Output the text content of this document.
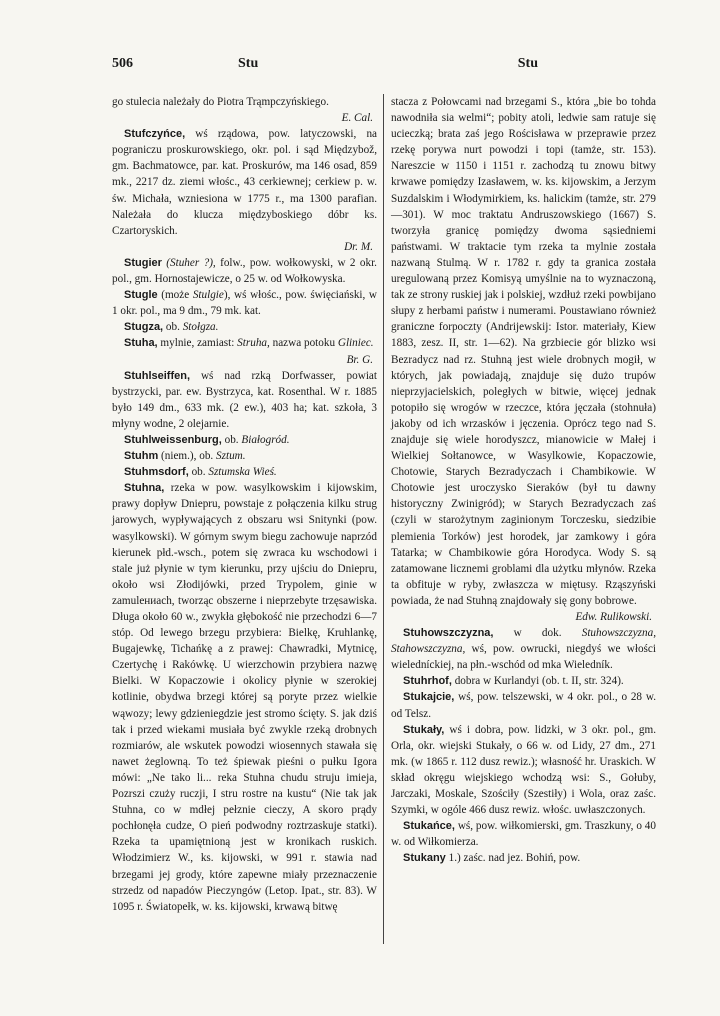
506	Stu	Stu

go stulecia należały do Piotra Trąmpczyńskiego.
E. Cal.

Stufczyńce, wś rządowa, pow. latyczowski, na pograniczu proskurowskiego, okr. pol. i sąd Międzybož, gm. Bachmatowce, par. kat. Proskurów, ma 146 osad, 859 mk., 2217 dz. ziemi włośc., 43 cerkiewnej; cerkiew p. w. św. Michała, wzniesiona w 1775 r., ma 1300 parafian. Należała do klucza międzyboskiego dóbr ks. Czartoryskich.
Dr. M.

Stugier (Stuher ?), folw., pow. wołkowyski, w 2 okr. pol., gm. Hornostajewicze, o 25 w. od Wołkowyska.

Stugle (może Stulgie), wś włośc., pow. święciański, w 1 okr. pol., ma 9 dm., 79 mk. kat.

Stugza, ob. Stołgza.

Stuha, mylnie, zamiast: Struha, nazwa potoku Gliniec.
Br. G.

Stuhlseiffen, wś nad rzką Dorfwasser, powiat bystrzycki, par. ew. Bystrzyca, kat. Rosenthal. W r. 1885 było 149 dm., 633 mk. (2 ew.), 403 ha; kat. szkoła, 3 młyny wodne, 2 olejarnie.

Stuhlweissenburg, ob. Białogród.

Stuhm (niem.), ob. Sztum.

Stuhmsdorf, ob. Sztumska Wieś.

Stuhna, rzeka w pow. wasylkowskim i kijowskim, prawy dopływ Dniepru, powstaje z połączenia kilku strug jarowych, wypływających z obszaru wsi Snitynki (pow. wasylkowski). W górnym swym biegu zachowuje naprzód kierunek płd.-wsch., potem się zwraca ku wschodowi i stale już płynie w tym kierunku, przy ujściu do Dniepru, około wsi Złodijówki, przed Trypolem, ginie w zamulениach, tworząc obszerne i nieprzebyte trzęsawiska. Długa około 60 w., zwykła głębokość nie przechodzi 6—7 stóp. Od lewego brzegu przybiera: Bielkę, Kruhlankę, Bugajewkę, Tichańkę a z prawej: Chawradki, Mytnicę, Czertychę i Rakówkę. U wierzchowin przybiera nazwę Bielki. W Kopaczowie i okolicy płynie w szerokiej kotlinie, obydwa brzegi której są poryte przez wielkie wąwozy; lewy gdzieniegdzie jest stromo ścięty. S. jak dziś tak i przed wiekami musiała być zwykle rzeką drobnych rozmiarów, ale wskutek powodzi wiosennych stawała się nawet żeglowną. To też śpiewak pieśni o pułku Igora mówi: „Ne tako li... reka Stuhna chudu struju imieja, Pozrszi czuży ruczji, I stru rostre na kustu“ (Nie tak jak Stuhna, co w mdłej pełznie cieczy, A skoro prądy pochłonęła cudze, O pień podwodny roztrzaskuje statki). Rzeka ta upamiętnioną jest w kronikach ruskich. Włodzimierz W., ks. kijowski, w 991 r. stawia nad brzegami jej grody, które zapewne miały przeznaczenie strzedz od napadów Pieczyngów (Letop. Ipat., str. 83). W 1095 r. Światopełk, w. ks. kijowski, krwawą bitwę

stacza z Połowcami nad brzegami S., która „bie bo tohda nawodniła sia welmi“; pobity atoli, ledwie sam ratuje się ucieczką; brata zaś jego Rościsława w przeprawie przez rzekę porywa nurt powodzi i topi (tamże, str. 153). Nareszcie w 1150 i 1151 r. zachodzą tu znowu bitwy krwawe pomiędzy Izasławem, w. ks. kijowskim, a Jerzym Suzdalskim i Włodymirkiem, ks. halickim (tamże, str. 279—301). W moc traktatu Andruszowskiego (1667) S. tworzyła granicę pomiędzy dwoma sąsiedniemi państwami. W traktacie tym rzeka ta mylnie została nazwaną Stulmą. W r. 1782 r. gdy ta granica została uregulowaną przez Komisyą umyślnie na to wyznaczoną, tak ze strony ruskiej jak i polskiej, wzdłuż rzeki powbijano słupy z herbami państw i numerami. Poustawiano również graniczne forpoczty (Andrijewskij: Istor. materiały, Kiew 1883, zesz. II, str. 1—62). Na grzbiecie gór blizko wsi Bezradycz nad rz. Stuhną jest wiele drobnych mogił, w których, jak powiadają, znajduje się dużo trupów nieprzyjacielskich, poległych w bitwie, więcej jednak potopiło się wrogów w rzeczce, która jęczała (stohnuła) jakoby od ich wrzasków i jęczenia. Oprócz tego nad S. znajduje się wiele horodyszcz, mianowicie w Małej i Wielkiej Sołtanowce, w Wasylkowie, Kopaczowie, Chotowie, Starych Bezradyczach i Chambikowie. W Chotowie jest uroczysko Sieraków (był tu dawny historyczny Zwinigród); w Starych Bezradyczach zaś (czyli w starożytnym zaginionym Torczesku, siedzibie plemienia Torków) jest horodek, jar zamkowy i góra Tatarka; w Chambikowie góra Horodyca. Wody S. są zatamowane licznemi groblami dla użytku młynów. Rzeka ta obfituje w ryby, zwłaszcza w miętusy. Rząszyński powiada, że nad Stuhną znajdowały się gony bobrowe.
Edw. Rulikowski.

Stuhowszczyzna, w dok. Stuhowszczyzna, Stahowszczyzna, wś, pow. owrucki, niegdyś we włości wieledníckiej, na płn.-wschód od mka Wieledník.

Stuhrhof, dobra w Kurlandyi (ob. t. II, str. 324).

Stukajcie, wś, pow. telszewski, w 4 okr. pol., o 28 w. od Telsz.

Stukały, wś i dobra, pow. lidzki, w 3 okr. pol., gm. Orla, okr. wiejski Stukały, o 66 w. od Lidy, 27 dm., 271 mk. (w 1865 r. 112 dusz rewiz.); własność hr. Uraskich. W skład okręgu wiejskiego wchodzą wsi: S., Gołuby, Jarczaki, Moskale, Szościły (Szestiły) i Wola, oraz zaśc. Szymki, w ogóle 466 dusz rewiz. włośc. uwłaszczonych.

Stukańce, wś, pow. wiłkomierski, gm. Traszkuny, o 40 w. od Wiłkomierza.

Stukany 1.) zaśc. nad jez. Bohiń, pow.
